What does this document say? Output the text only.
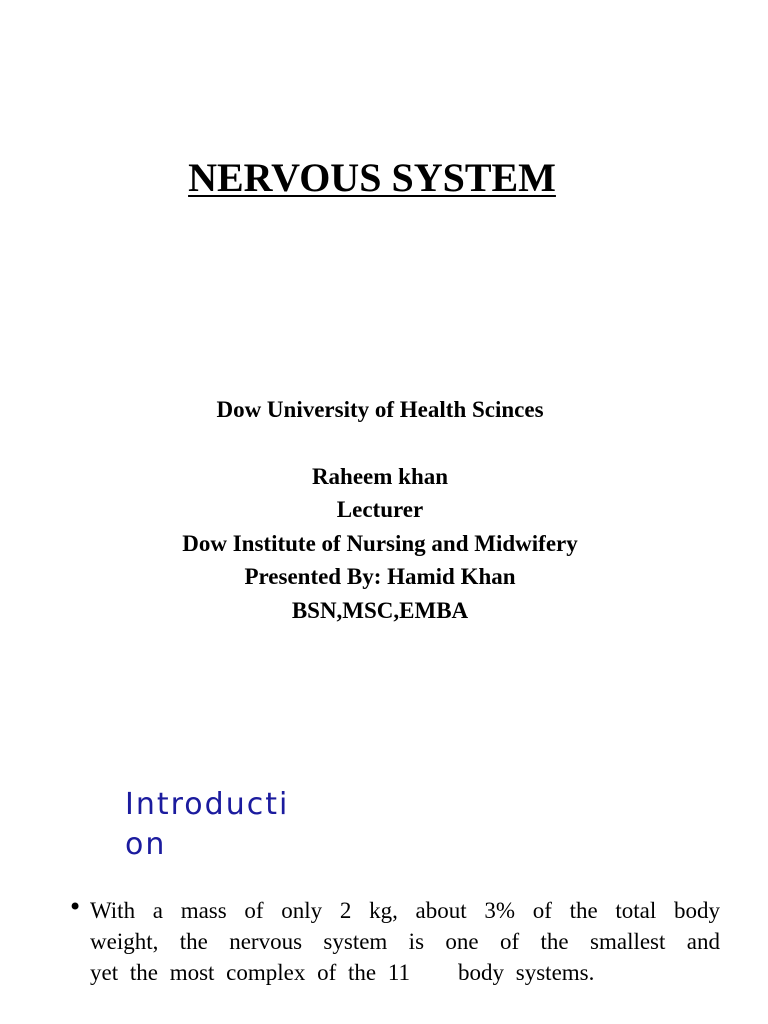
NERVOUS SYSTEM
Dow University of Health Scinces
Raheem khan
Lecturer
Dow Institute of Nursing and Midwifery
Presented By: Hamid Khan
BSN,MSC,EMBA
Introducti
on
• With a mass of only 2 kg, about 3% of the total body
weight, the nervous system is one of the smallest and
yet the most complex of the 11 body systems.
